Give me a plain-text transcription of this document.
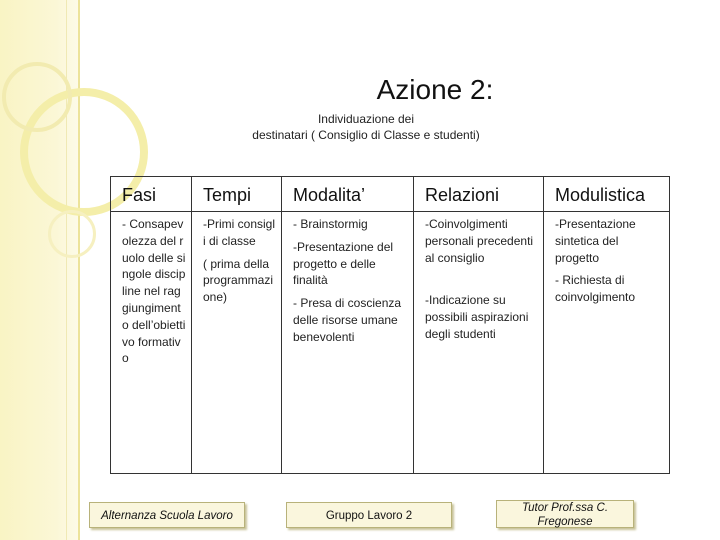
Azione 2:
Individuazione dei
destinatari ( Consiglio di Classe e studenti)
Fasi
- Consapevolezza del ruolo delle singole discipline nel raggiungimento dell’obiettivo formativo
Tempi

-Primi consigli di classe

( prima della programmazione)

Modalita’

- Brainstormig

-Presentazione del progetto e delle finalità

- Presa di coscienza delle risorse umane benevolenti

Relazioni

-Coinvolgimenti personali precedenti al consiglio

-Indicazione su possibili aspirazioni degli studenti

Modulistica

-Presentazione sintetica del progetto

- Richiesta di coinvolgimento

Alternanza Scuola Lavoro	Gruppo Lavoro 2
Tutor Prof.ssa C. Fregonese
